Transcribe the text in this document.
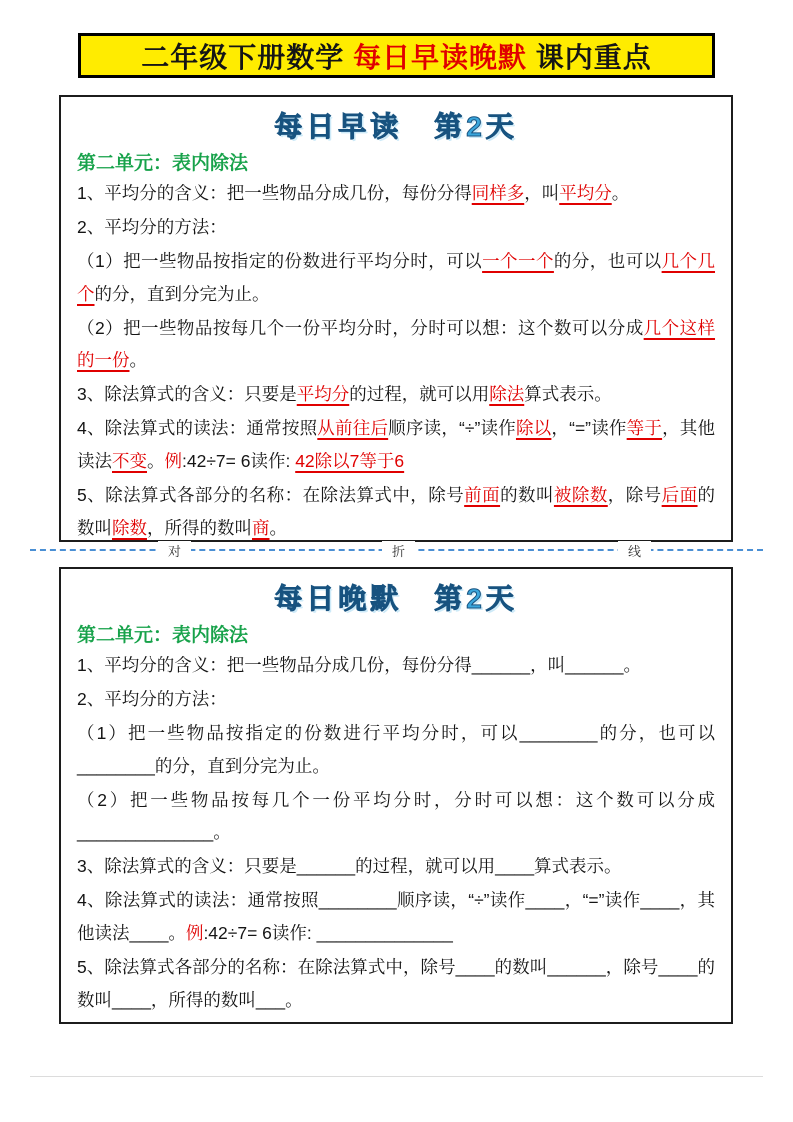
二年级下册数学 每日早读晚默 课内重点
每日早读　第2天
第二单元：表内除法

1、平均分的含义：把一些物品分成几份，每份分得同样多，叫平均分。

2、平均分的方法：

（1）把一些物品按指定的份数进行平均分时，可以一个一个的分，也可以几个几个的分，直到分完为止。

（2）把一些物品按每几个一份平均分时，分时可以想：这个数可以分成几个这样的一份。

3、除法算式的含义：只要是平均分的过程，就可以用除法算式表示。

4、除法算式的读法：通常按照从前往后顺序读，“÷”读作除以，“=”读作等于，其他读法不变。例:42÷7= 6读作: 42除以7等于6

5、除法算式各部分的名称：在除法算式中，除号前面的数叫被除数，除号后面的数叫除数，所得的数叫商。

对	折	线
每日晚默　第2天
第二单元：表内除法

1、平均分的含义：把一些物品分成几份，每份分得______，叫______。

2、平均分的方法：

（1）把一些物品按指定的份数进行平均分时，可以________的分，也可以________的分，直到分完为止。

（2）把一些物品按每几个一份平均分时，分时可以想：这个数可以分成______________。

3、除法算式的含义：只要是______的过程，就可以用____算式表示。

4、除法算式的读法：通常按照________顺序读，“÷”读作____，“=”读作____，其他读法____。例:42÷7= 6读作: ______________

5、除法算式各部分的名称：在除法算式中，除号____的数叫______，除号____的数叫____，所得的数叫___。
